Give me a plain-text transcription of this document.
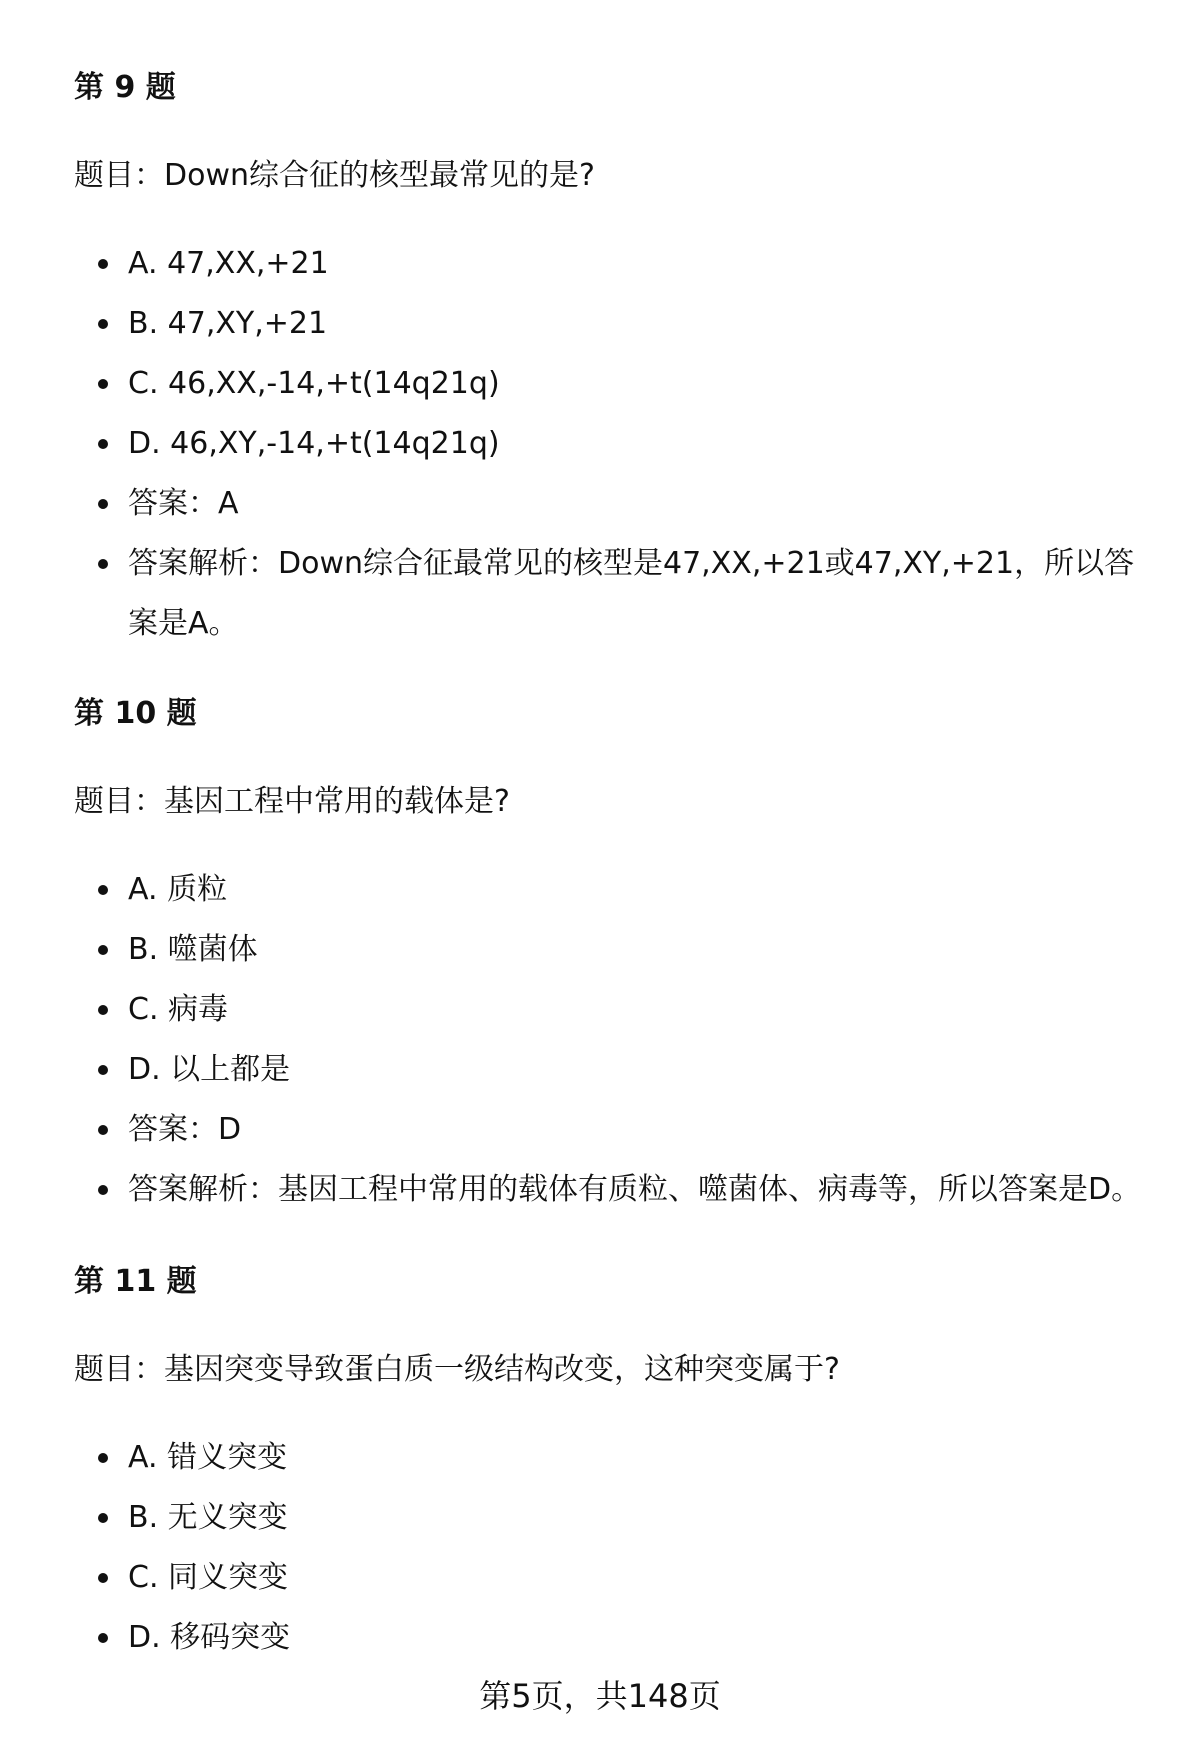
第 9 题

题目：Down综合征的核型最常见的是?

A. 47,XX,+21
B. 47,XY,+21
C. 46,XX,-14,+t(14q21q)
D. 46,XY,-14,+t(14q21q)
答案：A
答案解析：Down综合征最常见的核型是47,XX,+21或47,XY,+21，所以答案是A。
第 10 题

题目：基因工程中常用的载体是?

A. 质粒
B. 噬菌体
C. 病毒
D. 以上都是
答案：D
答案解析：基因工程中常用的载体有质粒、噬菌体、病毒等，所以答案是D。
第 11 题

题目：基因突变导致蛋白质一级结构改变，这种突变属于?

A. 错义突变
B. 无义突变
C. 同义突变
D. 移码突变
第5页，共148页
